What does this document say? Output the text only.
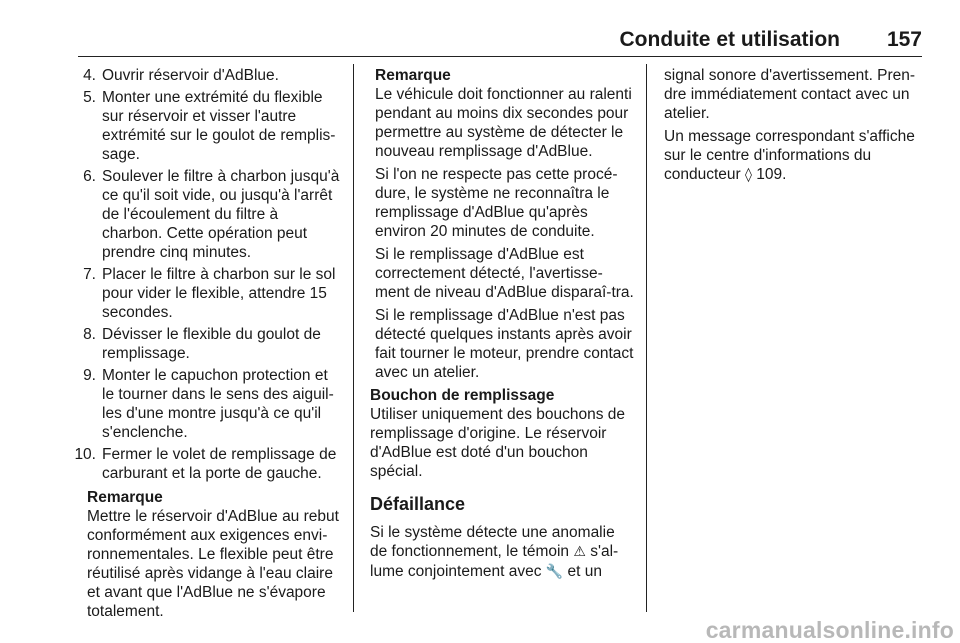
Conduite et utilisation 157
4. Ouvrir réservoir d'AdBlue.
5. Monter une extrémité du flexible sur réservoir et visser l'autre extrémité sur le goulot de remplis-sage.
6. Soulever le filtre à charbon jusqu'à ce qu'il soit vide, ou jusqu'à l'arrêt de l'écoulement du filtre à charbon. Cette opération peut prendre cinq minutes.
7. Placer le filtre à charbon sur le sol pour vider le flexible, attendre 15 secondes.
8. Dévisser le flexible du goulot de remplissage.
9. Monter le capuchon protection et le tourner dans le sens des aiguil-les d'une montre jusqu'à ce qu'il s'enclenche.
10. Fermer le volet de remplissage de carburant et la porte de gauche.
Remarque
Mettre le réservoir d'AdBlue au rebut conformément aux exigences envi-ronnementales. Le flexible peut être réutilisé après vidange à l'eau claire et avant que l'AdBlue ne s'évapore totalement.
Remarque

Le véhicule doit fonctionner au ralenti pendant au moins dix secondes pour permettre au système de détecter le nouveau remplissage d'AdBlue.

Si l'on ne respecte pas cette procé-dure, le système ne reconnaîtra le remplissage d'AdBlue qu'après environ 20 minutes de conduite.

Si le remplissage d'AdBlue est correctement détecté, l'avertisse-ment de niveau d'AdBlue disparaî-tra.

Si le remplissage d'AdBlue n'est pas détecté quelques instants après avoir fait tourner le moteur, prendre contact avec un atelier.

Bouchon de remplissage

Utiliser uniquement des bouchons de remplissage d'origine. Le réservoir d'AdBlue est doté d'un bouchon spécial.

Défaillance

Si le système détecte une anomalie de fonctionnement, le témoin ⚠ s'al-lume conjointement avec 🔧 et un

signal sonore d'avertissement. Pren-dre immédiatement contact avec un atelier.

Un message correspondant s'affiche sur le centre d'informations du conducteur ◊ 109.

carmanualsonline.info
